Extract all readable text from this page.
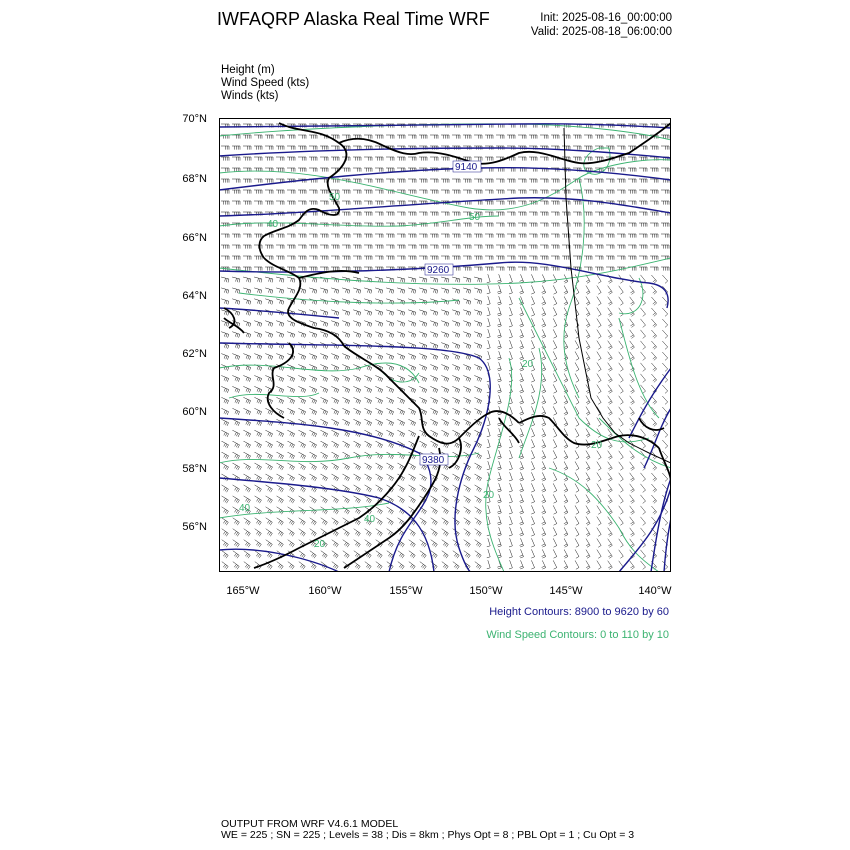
IWFAQRP Alaska Real Time WRF	Init: 2025-08-16_00:00:00
Valid: 2025-08-18_06:00:00
Height (m)
Wind Speed (kts)
Winds (kts)
70°N
68°N
66°N
64°N
62°N
60°N
58°N
56°N
165°W	160°W	155°W	150°W	145°W	140°W
9140
9260
9380
50
40
50
20
20
20
40
40
20
Height Contours: 8900 to 9620 by 60
Wind Speed Contours: 0 to 110 by 10
OUTPUT FROM WRF V4.6.1 MODEL
WE = 225 ; SN = 225 ; Levels = 38 ; Dis = 8km ; Phys Opt = 8 ; PBL Opt = 1 ; Cu Opt = 3
